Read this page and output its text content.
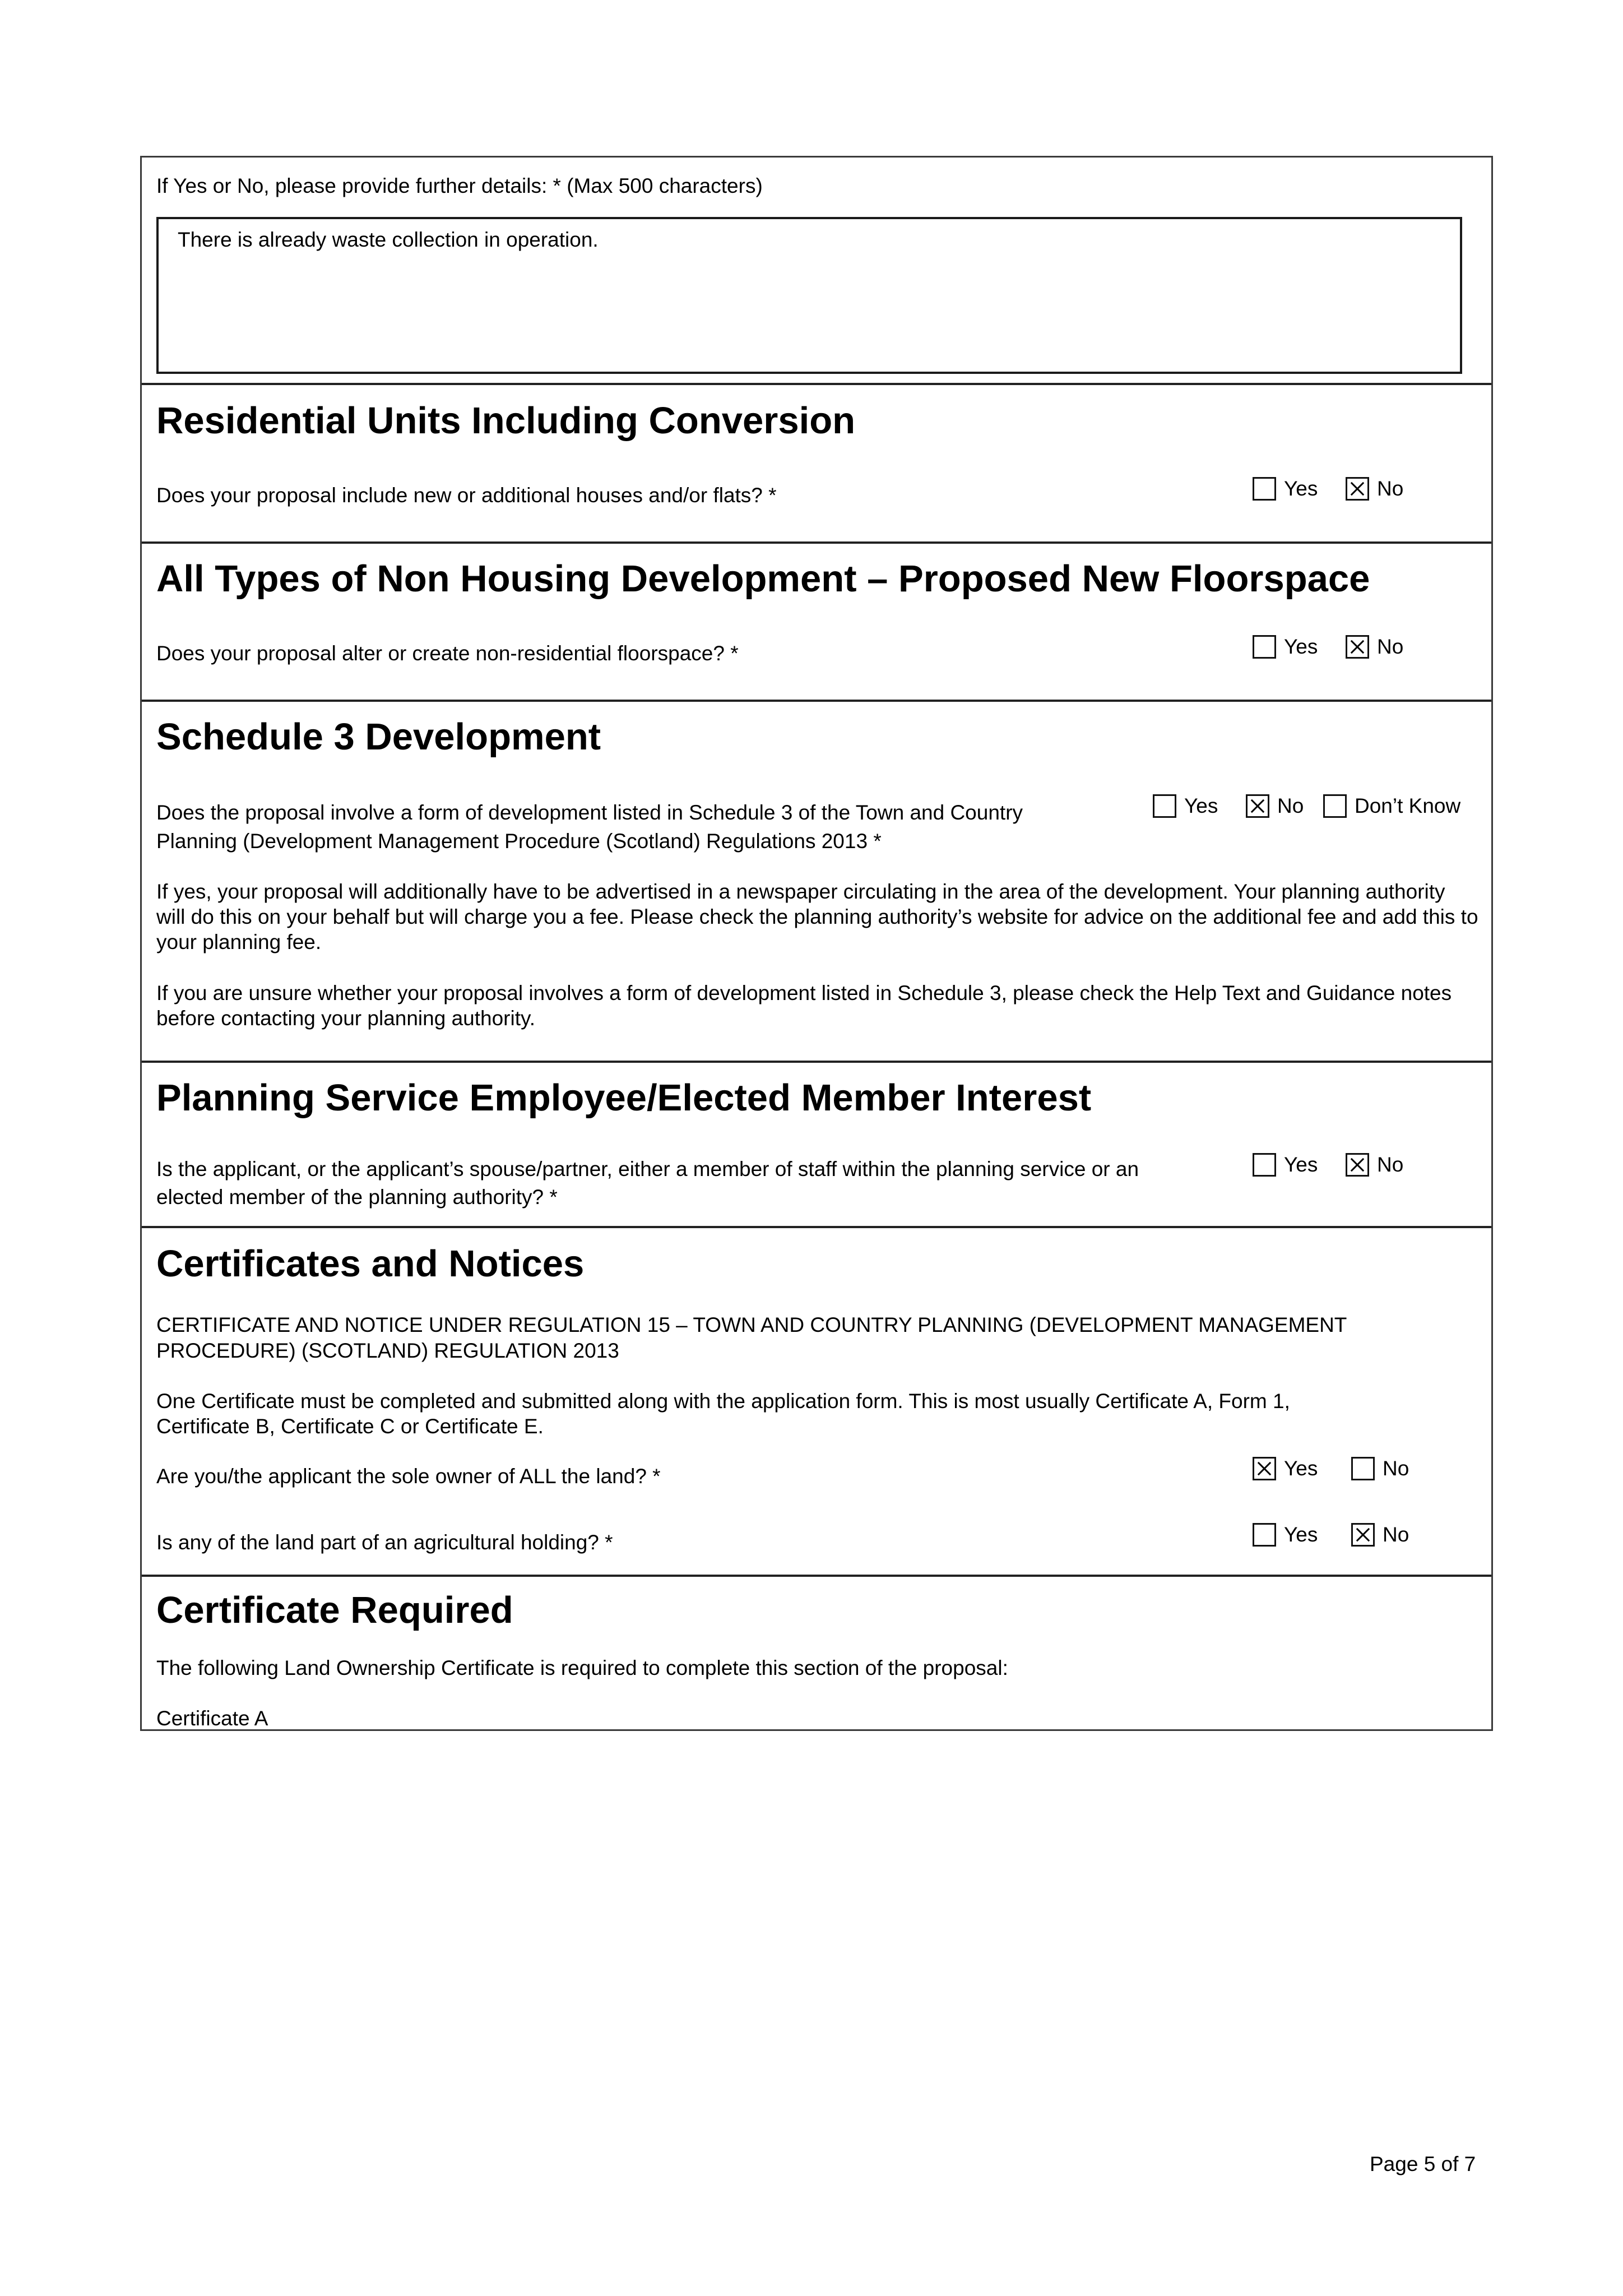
If Yes or No, please provide further details: * (Max 500 characters)
There is already waste collection in operation.
Residential Units Including Conversion
Does your proposal include new or additional houses and/or flats? *	Yes	No
All Types of Non Housing Development – Proposed New Floorspace
Does your proposal alter or create non-residential floorspace? *	Yes	No
Schedule 3 Development
Does the proposal involve a form of development listed in Schedule 3 of the Town and Country
Planning (Development Management Procedure (Scotland) Regulations 2013 *
Yes	No Don’t Know
If yes, your proposal will additionally have to be advertised in a newspaper circulating in the area of the development. Your planning authority will do this on your behalf but will charge you a fee. Please check the planning authority’s website for advice on the additional fee and add this to your planning fee.
If you are unsure whether your proposal involves a form of development listed in Schedule 3, please check the Help Text and Guidance notes before contacting your planning authority.
Planning Service Employee/Elected Member Interest
Is the applicant, or the applicant’s spouse/partner, either a member of staff within the planning service or an
elected member of the planning authority? *
Yes	No
Certificates and Notices
CERTIFICATE AND NOTICE UNDER REGULATION 15 – TOWN AND COUNTRY PLANNING (DEVELOPMENT MANAGEMENT
PROCEDURE) (SCOTLAND) REGULATION 2013
One Certificate must be completed and submitted along with the application form. This is most usually Certificate A, Form 1,
Certificate B, Certificate C or Certificate E.
Are you/the applicant the sole owner of ALL the land? *	Yes	No
Is any of the land part of an agricultural holding? *	Yes	No
Certificate Required
The following Land Ownership Certificate is required to complete this section of the proposal:
Certificate A
Page 5 of 7
